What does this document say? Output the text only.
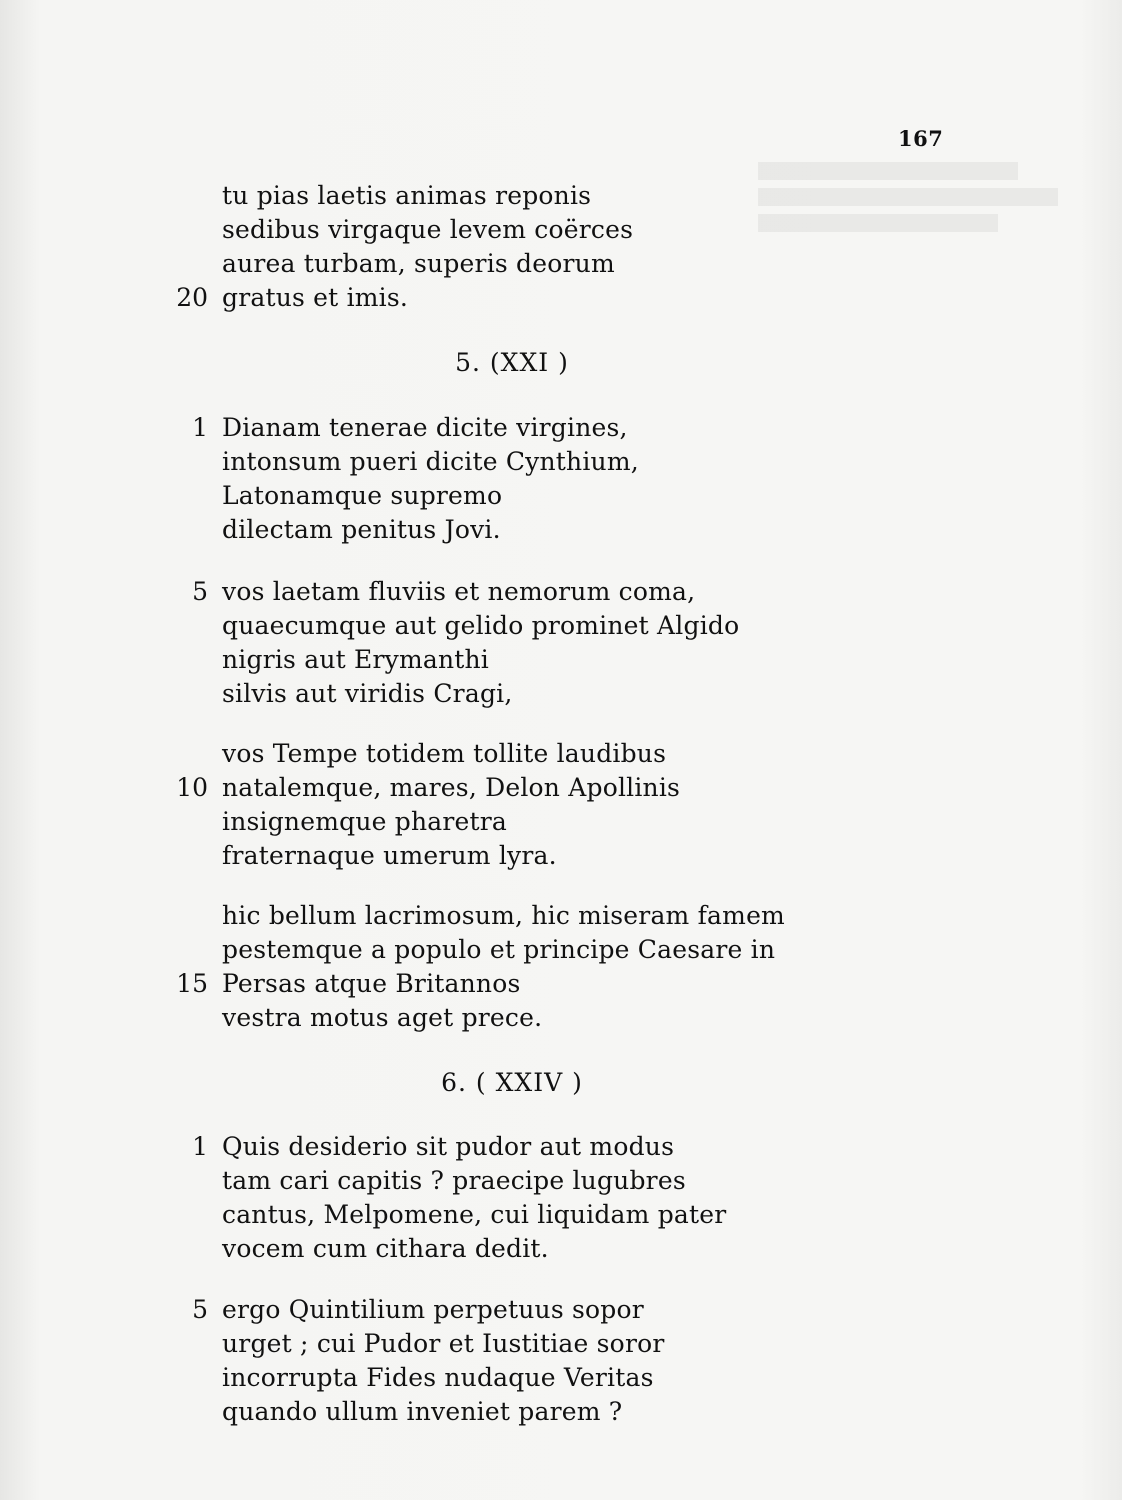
167
tu pias laetis animas reponis
sedibus virgaque levem coërces
aurea turbam, superis deorum
20 gratus et imis.
5. (XXI )
1 Dianam tenerae dicite virgines,
intonsum pueri dicite Cynthium,
Latonamque supremo
dilectam penitus Jovi.
5 vos laetam fluviis et nemorum coma,
quaecumque aut gelido prominet Algido
nigris aut Erymanthi
silvis aut viridis Cragi,
vos Tempe totidem tollite laudibus
10 natalemque, mares, Delon Apollinis
insignemque pharetra
fraternaque umerum lyra.
hic bellum lacrimosum, hic miseram famem
pestemque a populo et principe Caesare in
15 Persas atque Britannos
vestra motus aget prece.
6. ( XXIV )
1 Quis desiderio sit pudor aut modus
tam cari capitis ? praecipe lugubres
cantus, Melpomene, cui liquidam pater
vocem cum cithara dedit.
5 ergo Quintilium perpetuus sopor
urget ; cui Pudor et Iustitiae soror
incorrupta Fides nudaque Veritas
quando ullum inveniet parem ?
